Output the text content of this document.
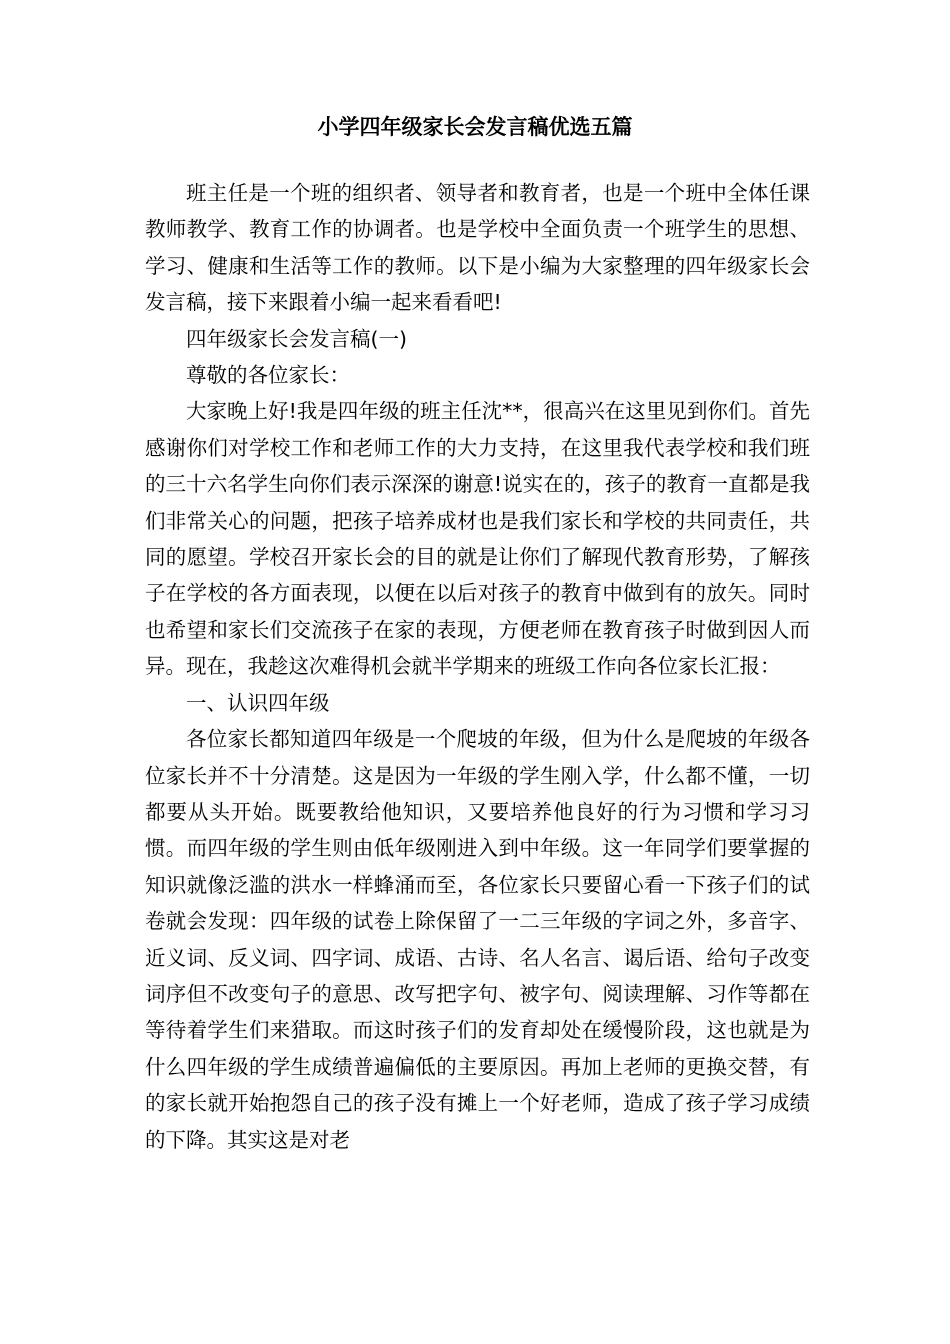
小学四年级家长会发言稿优选五篇

班主任是一个班的组织者、领导者和教育者，也是一个班中全体任课教师教学、教育工作的协调者。也是学校中全面负责一个班学生的思想、学习、健康和生活等工作的教师。以下是小编为大家整理的四年级家长会发言稿，接下来跟着小编一起来看看吧!

四年级家长会发言稿(一)

尊敬的各位家长：

大家晚上好!我是四年级的班主任沈**，很高兴在这里见到你们。首先感谢你们对学校工作和老师工作的大力支持，在这里我代表学校和我们班的三十六名学生向你们表示深深的谢意!说实在的，孩子的教育一直都是我们非常关心的问题，把孩子培养成材也是我们家长和学校的共同责任，共同的愿望。学校召开家长会的目的就是让你们了解现代教育形势，了解孩子在学校的各方面表现，以便在以后对孩子的教育中做到有的放矢。同时也希望和家长们交流孩子在家的表现，方便老师在教育孩子时做到因人而异。现在，我趁这次难得机会就半学期来的班级工作向各位家长汇报：

一、认识四年级

各位家长都知道四年级是一个爬坡的年级，但为什么是爬坡的年级各位家长并不十分清楚。这是因为一年级的学生刚入学，什么都不懂，一切都要从头开始。既要教给他知识，又要培养他良好的行为习惯和学习习惯。而四年级的学生则由低年级刚进入到中年级。这一年同学们要掌握的知识就像泛滥的洪水一样蜂涌而至，各位家长只要留心看一下孩子们的试卷就会发现：四年级的试卷上除保留了一二三年级的字词之外，多音字、近义词、反义词、四字词、成语、古诗、名人名言、谒后语、给句子改变词序但不改变句子的意思、改写把字句、被字句、阅读理解、习作等都在等待着学生们来猎取。而这时孩子们的发育却处在缓慢阶段，这也就是为什么四年级的学生成绩普遍偏低的主要原因。再加上老师的更换交替，有的家长就开始抱怨自己的孩子没有摊上一个好老师，造成了孩子学习成绩的下降。其实这是对老
